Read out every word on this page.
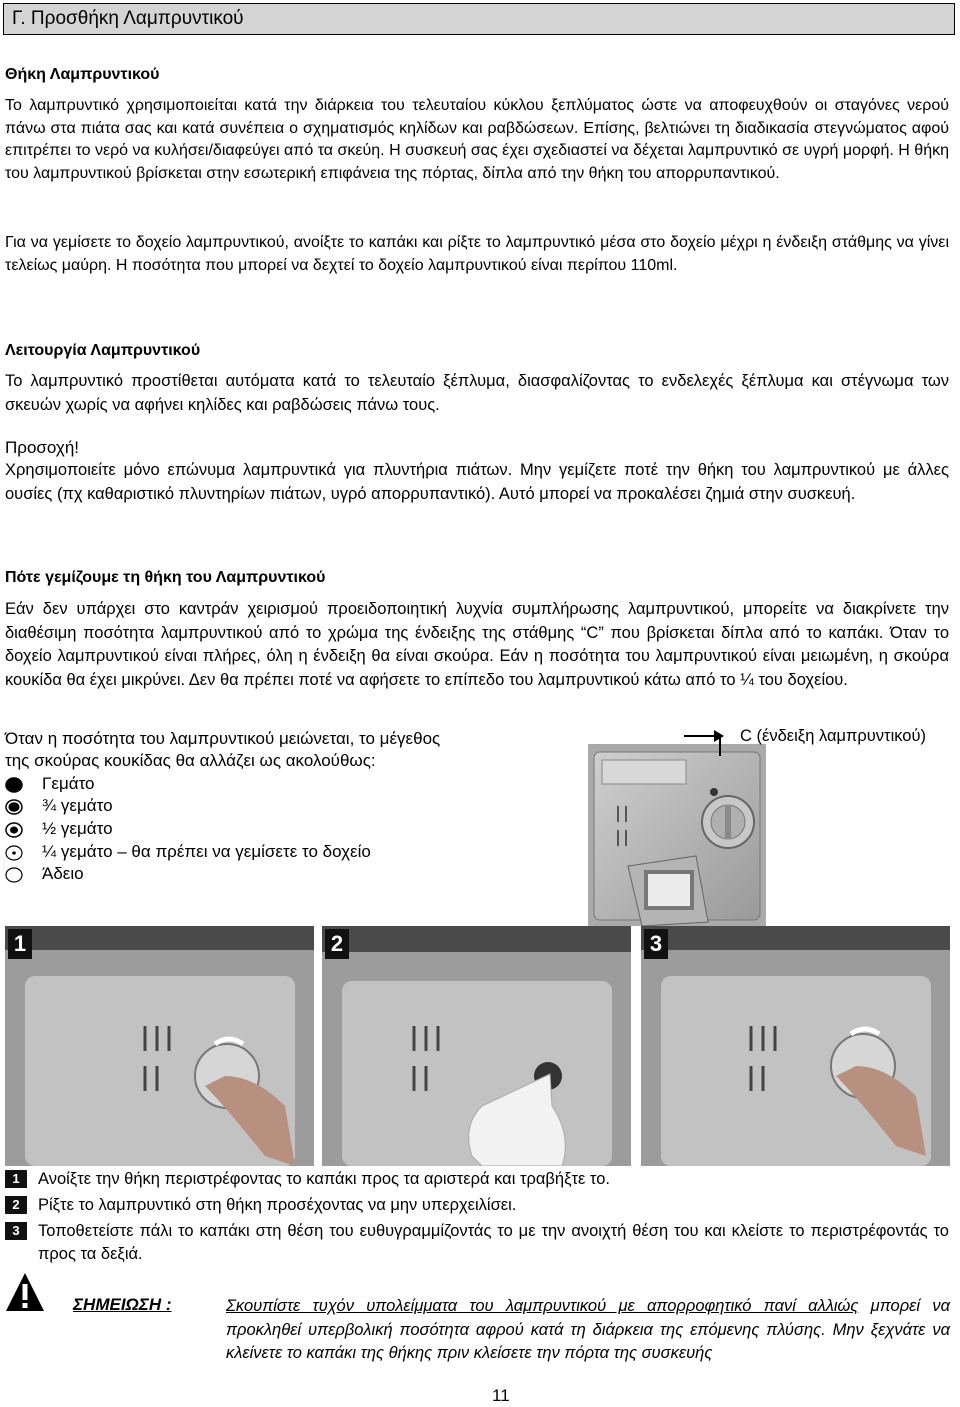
Γ. Προσθήκη Λαμπρυντικού
Θήκη Λαμπρυντικού
Το λαμπρυντικό χρησιμοποιείται κατά την διάρκεια του τελευταίου κύκλου ξεπλύματος ώστε να αποφευχθούν οι σταγόνες νερού πάνω στα πιάτα σας και κατά συνέπεια ο σχηματισμός κηλίδων και ραβδώσεων. Επίσης, βελτιώνει τη διαδικασία στεγνώματος αφού επιτρέπει το νερό να κυλήσει/διαφεύγει από τα σκεύη. Η συσκευή σας έχει σχεδιαστεί να δέχεται λαμπρυντικό σε υγρή μορφή. Η θήκη του λαμπρυντικού βρίσκεται στην εσωτερική επιφάνεια της πόρτας, δίπλα από την θήκη του απορρυπαντικού.
Για να γεμίσετε το δοχείο λαμπρυντικού, ανοίξτε το καπάκι και ρίξτε το λαμπρυντικό μέσα στο δοχείο μέχρι η ένδειξη στάθμης να γίνει τελείως μαύρη. Η ποσότητα που μπορεί να δεχτεί το δοχείο λαμπρυντικού είναι περίπου 110ml.
Λειτουργία Λαμπρυντικού
Το λαμπρυντικό προστίθεται αυτόματα κατά το τελευταίο ξέπλυμα, διασφαλίζοντας το ενδελεχές ξέπλυμα και στέγνωμα των σκευών χωρίς να αφήνει κηλίδες και ραβδώσεις πάνω τους.
Προσοχή!
Χρησιμοποιείτε μόνο επώνυμα λαμπρυντικά για πλυντήρια πιάτων. Μην γεμίζετε ποτέ την θήκη του λαμπρυντικού με άλλες ουσίες (πχ καθαριστικό πλυντηρίων πιάτων, υγρό απορρυπαντικό). Αυτό μπορεί να προκαλέσει ζημιά στην συσκευή.
Πότε γεμίζουμε τη θήκη του Λαμπρυντικού
Εάν δεν υπάρχει στο καντράν χειρισμού προειδοποιητική λυχνία συμπλήρωσης λαμπρυντικού, μπορείτε να διακρίνετε την διαθέσιμη ποσότητα λαμπρυντικού από το χρώμα της ένδειξης της στάθμης “C” που βρίσκεται δίπλα από το καπάκι. Όταν το δοχείο λαμπρυντικού είναι πλήρες, όλη η ένδειξη θα είναι σκούρα. Εάν η ποσότητα του λαμπρυντικού είναι μειωμένη, η σκούρα κουκίδα θα έχει μικρύνει. Δεν θα πρέπει ποτέ να αφήσετε το επίπεδο του λαμπρυντικού κάτω από το ¼ του δοχείου.
Όταν η ποσότητα του λαμπρυντικού μειώνεται, το μέγεθος
της σκούρας κουκίδας θα αλλάζει ως ακολούθως:
Γεμάτο
¾ γεμάτο
½ γεμάτο
¼ γεμάτο – θα πρέπει να γεμίσετε το δοχείο
Άδειο
C (ένδειξη λαμπρυντικού)
1	2	3
1	Ανοίξτε την θήκη περιστρέφοντας το καπάκι προς τα αριστερά και τραβήξτε το.
2	Ρίξτε το λαμπρυντικό στη θήκη προσέχοντας να μην υπερχειλίσει.
3	Τοποθετείστε πάλι το καπάκι στη θέση του ευθυγραμμίζοντάς το με την ανοιχτή θέση του και κλείστε το περιστρέφοντάς το προς τα δεξιά.
ΣΗΜΕΙΩΣΗ :	Σκουπίστε τυχόν υπολείμματα του λαμπρυντικού με απορροφητικό πανί αλλιώς μπορεί να προκληθεί υπερβολική ποσότητα αφρού κατά τη διάρκεια της επόμενης πλύσης. Μην ξεχνάτε να κλείνετε το καπάκι της θήκης πριν κλείσετε την πόρτα της συσκευής
11
